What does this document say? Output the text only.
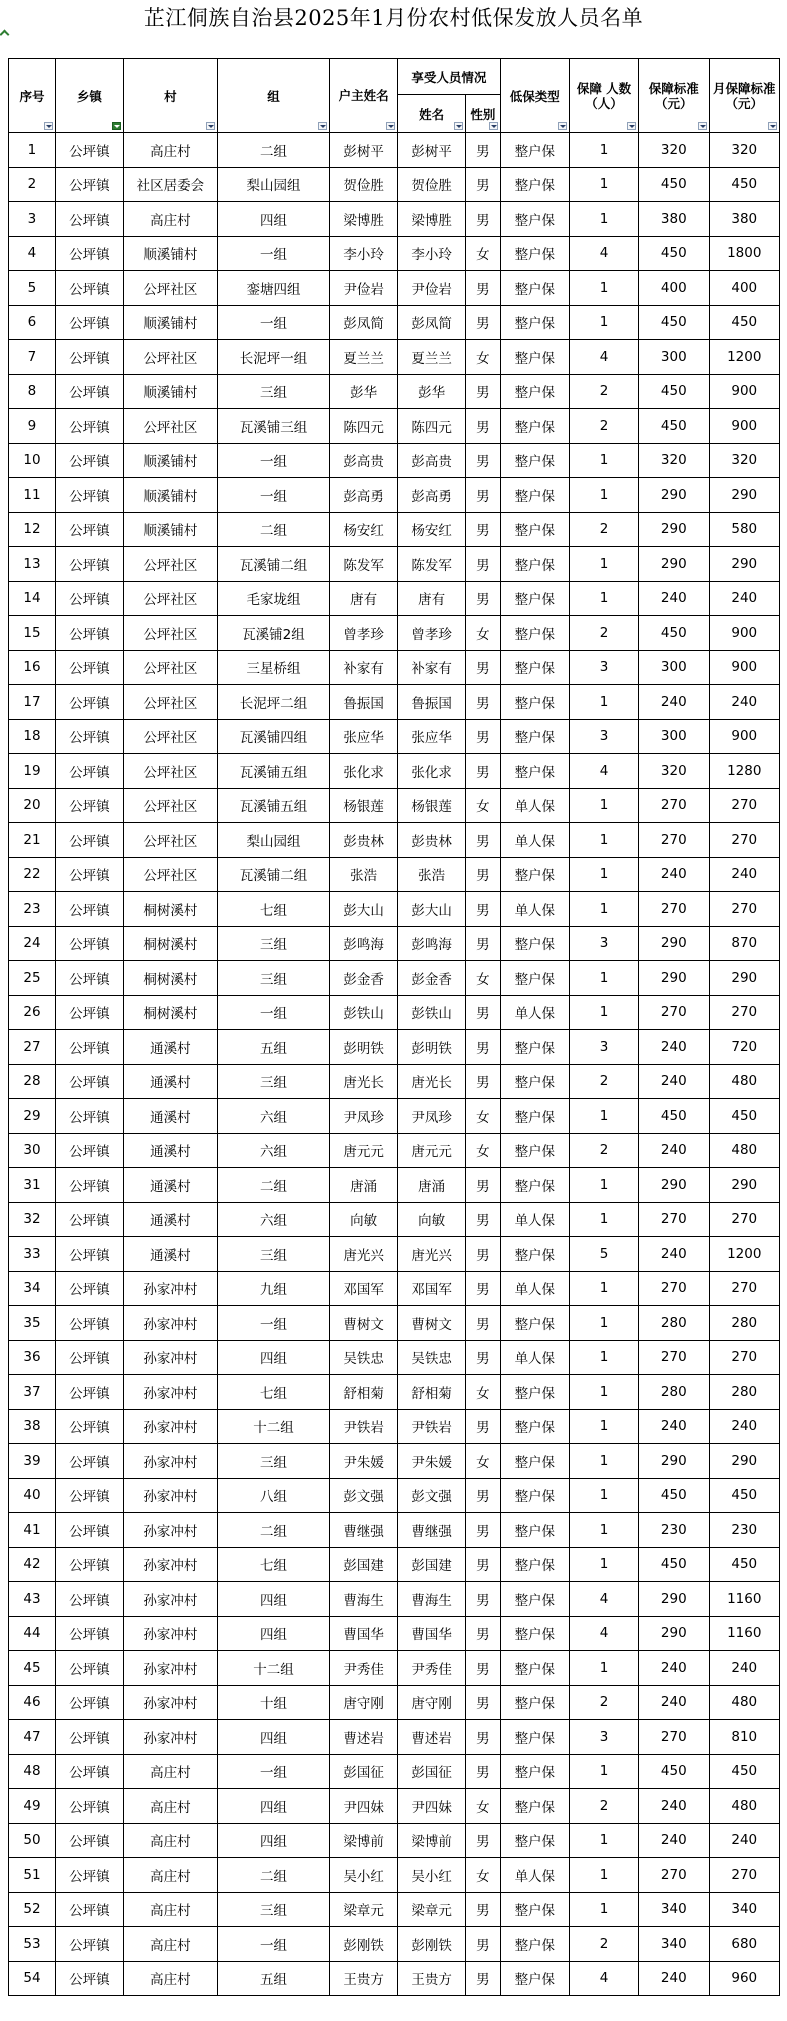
芷江侗族自治县2025年1月份农村低保发放人员名单
序号	乡镇	村	组	户主姓名	享受人员情况		低保类型	保障 人数（人）	保障标准（元）	月保障标准（元）

					姓名	性别				

1	公坪镇	高庄村	二组	彭树平	彭树平	男	整户保	1	320	320
2	公坪镇	社区居委会	梨山园组	贺俭胜	贺俭胜	男	整户保	1	450	450
3	公坪镇	高庄村	四组	梁博胜	梁博胜	男	整户保	1	380	380
4	公坪镇	顺溪铺村	一组	李小玲	李小玲	女	整户保	4	450	1800
5	公坪镇	公坪社区	銮塘四组	尹俭岩	尹俭岩	男	整户保	1	400	400
6	公坪镇	顺溪铺村	一组	彭凤简	彭凤简	男	整户保	1	450	450
7	公坪镇	公坪社区	长泥坪一组	夏兰兰	夏兰兰	女	整户保	4	300	1200
8	公坪镇	顺溪铺村	三组	彭华	彭华	男	整户保	2	450	900
9	公坪镇	公坪社区	瓦溪铺三组	陈四元	陈四元	男	整户保	2	450	900
10	公坪镇	顺溪铺村	一组	彭高贵	彭高贵	男	整户保	1	320	320
11	公坪镇	顺溪铺村	一组	彭高勇	彭高勇	男	整户保	1	290	290
12	公坪镇	顺溪铺村	二组	杨安红	杨安红	男	整户保	2	290	580
13	公坪镇	公坪社区	瓦溪铺二组	陈发军	陈发军	男	整户保	1	290	290
14	公坪镇	公坪社区	毛家垅组	唐有	唐有	男	整户保	1	240	240
15	公坪镇	公坪社区	瓦溪铺2组	曾孝珍	曾孝珍	女	整户保	2	450	900
16	公坪镇	公坪社区	三星桥组	补家有	补家有	男	整户保	3	300	900
17	公坪镇	公坪社区	长泥坪二组	鲁振国	鲁振国	男	整户保	1	240	240
18	公坪镇	公坪社区	瓦溪铺四组	张应华	张应华	男	整户保	3	300	900
19	公坪镇	公坪社区	瓦溪铺五组	张化求	张化求	男	整户保	4	320	1280
20	公坪镇	公坪社区	瓦溪铺五组	杨银莲	杨银莲	女	单人保	1	270	270
21	公坪镇	公坪社区	梨山园组	彭贵林	彭贵林	男	单人保	1	270	270
22	公坪镇	公坪社区	瓦溪铺二组	张浩	张浩	男	整户保	1	240	240
23	公坪镇	桐树溪村	七组	彭大山	彭大山	男	单人保	1	270	270
24	公坪镇	桐树溪村	三组	彭鸣海	彭鸣海	男	整户保	3	290	870
25	公坪镇	桐树溪村	三组	彭金香	彭金香	女	整户保	1	290	290
26	公坪镇	桐树溪村	一组	彭铁山	彭铁山	男	单人保	1	270	270
27	公坪镇	通溪村	五组	彭明铁	彭明铁	男	整户保	3	240	720
28	公坪镇	通溪村	三组	唐光长	唐光长	男	整户保	2	240	480
29	公坪镇	通溪村	六组	尹凤珍	尹凤珍	女	整户保	1	450	450
30	公坪镇	通溪村	六组	唐元元	唐元元	女	整户保	2	240	480
31	公坪镇	通溪村	二组	唐涌	唐涌	男	整户保	1	290	290
32	公坪镇	通溪村	六组	向敏	向敏	男	单人保	1	270	270
33	公坪镇	通溪村	三组	唐光兴	唐光兴	男	整户保	5	240	1200
34	公坪镇	孙家冲村	九组	邓国军	邓国军	男	单人保	1	270	270
35	公坪镇	孙家冲村	一组	曹树文	曹树文	男	整户保	1	280	280
36	公坪镇	孙家冲村	四组	吴铁忠	吴铁忠	男	单人保	1	270	270
37	公坪镇	孙家冲村	七组	舒相菊	舒相菊	女	整户保	1	280	280
38	公坪镇	孙家冲村	十二组	尹铁岩	尹铁岩	男	整户保	1	240	240
39	公坪镇	孙家冲村	三组	尹朱媛	尹朱媛	女	整户保	1	290	290
40	公坪镇	孙家冲村	八组	彭文强	彭文强	男	整户保	1	450	450
41	公坪镇	孙家冲村	二组	曹继强	曹继强	男	整户保	1	230	230
42	公坪镇	孙家冲村	七组	彭国建	彭国建	男	整户保	1	450	450
43	公坪镇	孙家冲村	四组	曹海生	曹海生	男	整户保	4	290	1160
44	公坪镇	孙家冲村	四组	曹国华	曹国华	男	整户保	4	290	1160
45	公坪镇	孙家冲村	十二组	尹秀佳	尹秀佳	男	整户保	1	240	240
46	公坪镇	孙家冲村	十组	唐守刚	唐守刚	男	整户保	2	240	480
47	公坪镇	孙家冲村	四组	曹述岩	曹述岩	男	整户保	3	270	810
48	公坪镇	高庄村	一组	彭国征	彭国征	男	整户保	1	450	450
49	公坪镇	高庄村	四组	尹四妹	尹四妹	女	整户保	2	240	480
50	公坪镇	高庄村	四组	梁博前	梁博前	男	整户保	1	240	240
51	公坪镇	高庄村	二组	吴小红	吴小红	女	单人保	1	270	270
52	公坪镇	高庄村	三组	梁章元	梁章元	男	整户保	1	340	340
53	公坪镇	高庄村	一组	彭刚铁	彭刚铁	男	整户保	2	340	680
54	公坪镇	高庄村	五组	王贵方	王贵方	男	整户保	4	240	960
